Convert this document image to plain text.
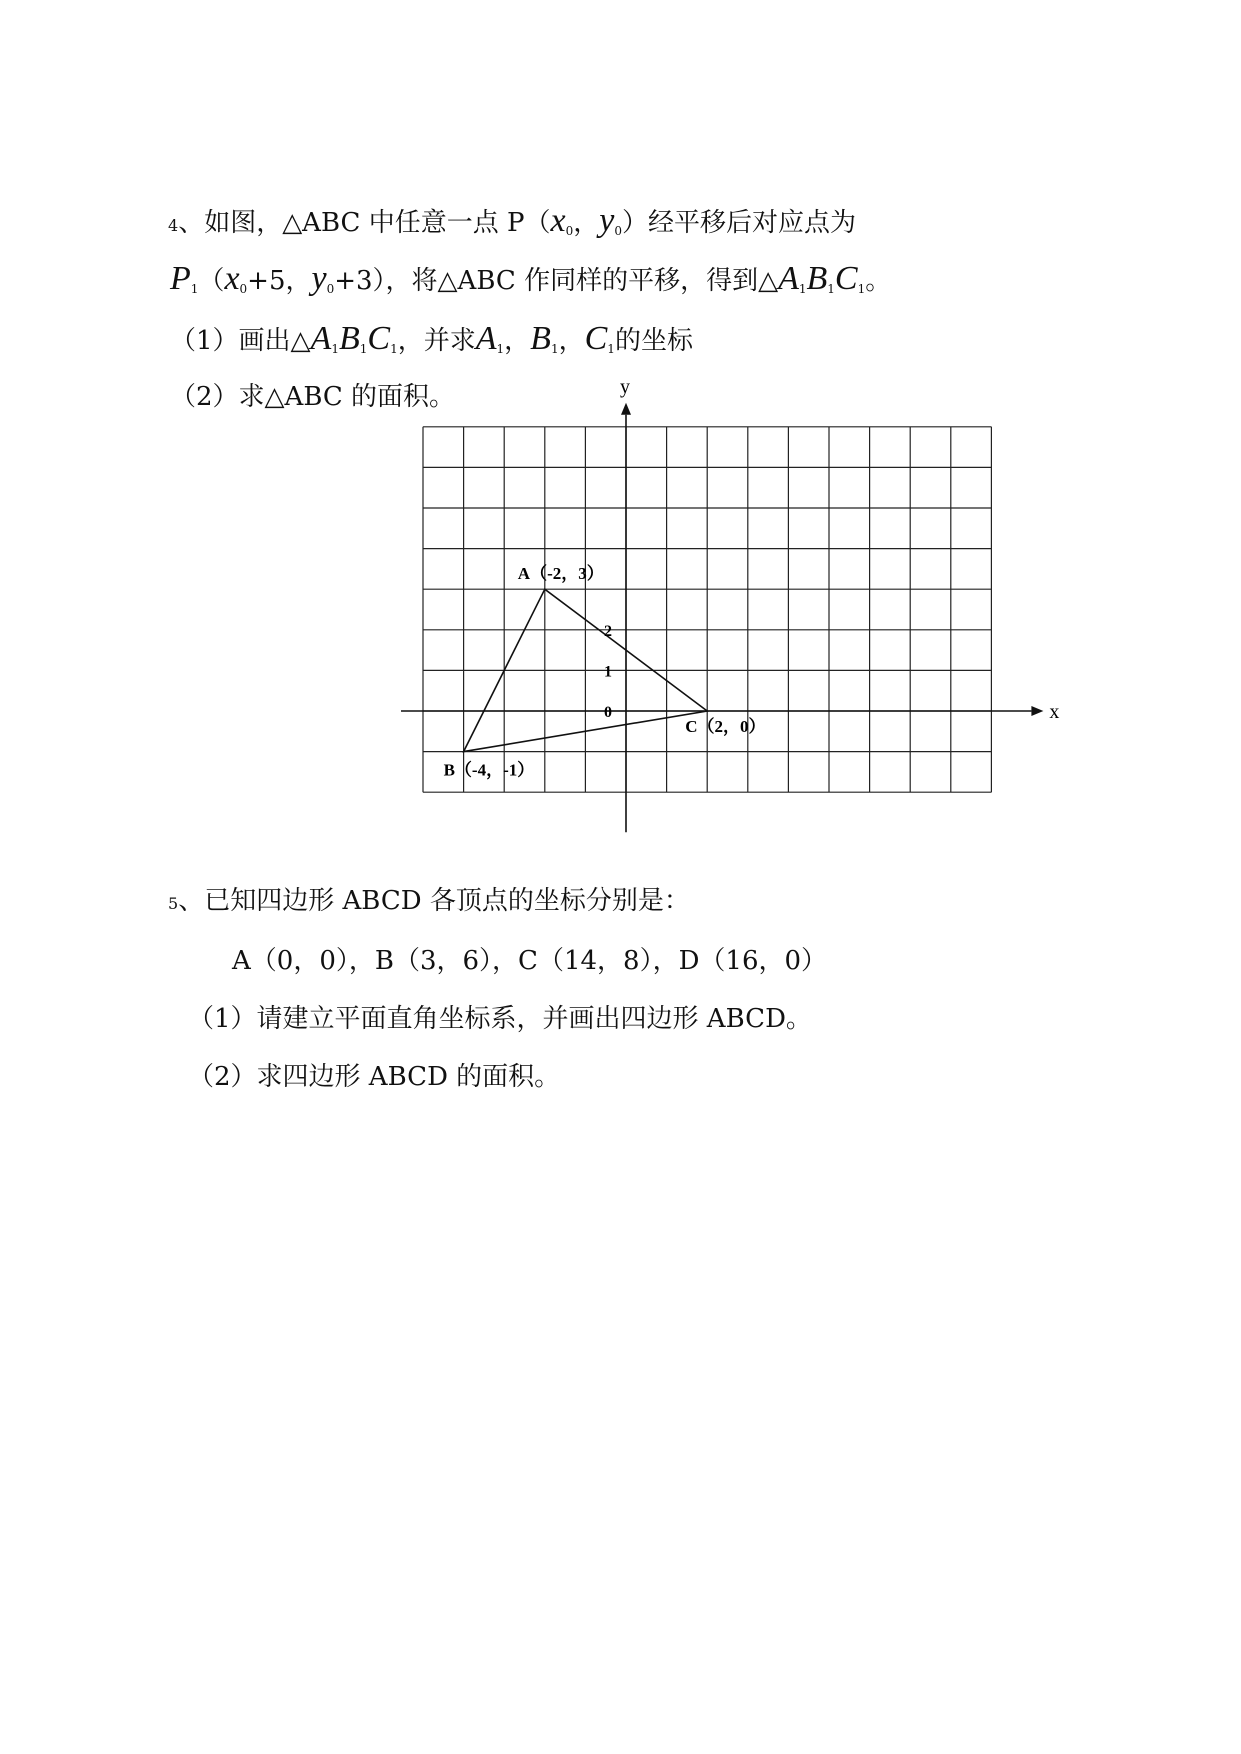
4、如图，△ABC 中任意一点 $P(x_0$，$y_0$）经平移后对应点为
$P_1(x_0+5$，$y_0+3$），将△ABC 作同样的平移，得到$\triangle A_1B_1C_1$。
（1）画出$\triangle A_1B_1C_1$，并求$A_1$，$B_1$，$C_1$的坐标
（2）求△ABC 的面积。
x
y
0
1
2
A（-2，3）
B（-4，-1）
C（2，0）
5、已知四边形 ABCD 各顶点的坐标分别是：
A（0，0），B（3，6），C（14，8），D（16，0）
（1）请建立平面直角坐标系，并画出四边形 ABCD。
（2）求四边形 ABCD 的面积。
